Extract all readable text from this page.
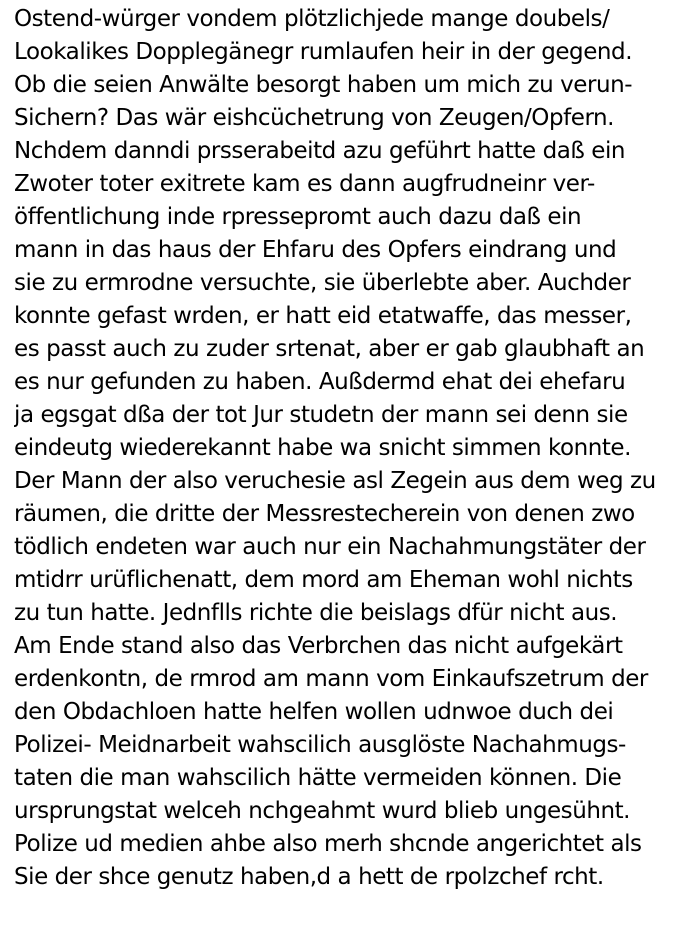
Ostend-würger vondem plötzlichjede mange doubels/
Lookalikes Dopplegänegr rumlaufen heir in der gegend.
Ob die seien Anwälte besorgt haben um mich zu verun-
Sichern? Das wär eishcüchetrung von Zeugen/Opfern.
Nchdem danndi prsserabeitd azu geführt hatte daß ein
Zwoter toter exitrete kam es dann augfrudneinr ver-
öffentlichung inde rpressepromt auch dazu daß ein
mann in das haus der Ehfaru des Opfers eindrang und
sie zu ermrodne versuchte, sie überlebte aber. Auchder
konnte gefast wrden, er hatt eid etatwaffe, das messer,
es passt auch zu zuder srtenat, aber er gab glaubhaft an
es nur gefunden zu haben. Außdermd ehat dei ehefaru
ja egsgat dßa der tot Jur studetn der mann sei denn sie
eindeutg wiederekannt habe wa snicht simmen konnte.
Der Mann der also veruchesie asl Zegein aus dem weg zu
räumen, die dritte der Messrestecherein von denen zwo
tödlich endeten war auch nur ein Nachahmungstäter der
mtidrr urüflichenatt, dem mord am Eheman wohl nichts
zu tun hatte. Jednflls richte die beislags dfür nicht aus.
Am Ende stand also das Verbrchen das nicht aufgekärt
erdenkontn, de rmrod am mann vom Einkaufszetrum der
den Obdachloen hatte helfen wollen udnwoe duch dei
Polizei- Meidnarbeit wahscilich ausglöste Nachahmugs-
taten die man wahscilich hätte vermeiden können. Die
ursprungstat welceh nchgeahmt wurd blieb ungesühnt.
Polize ud medien ahbe also merh shcnde angerichtet als
Sie der shce genutz haben,d a hett de rpolzchef rcht.
